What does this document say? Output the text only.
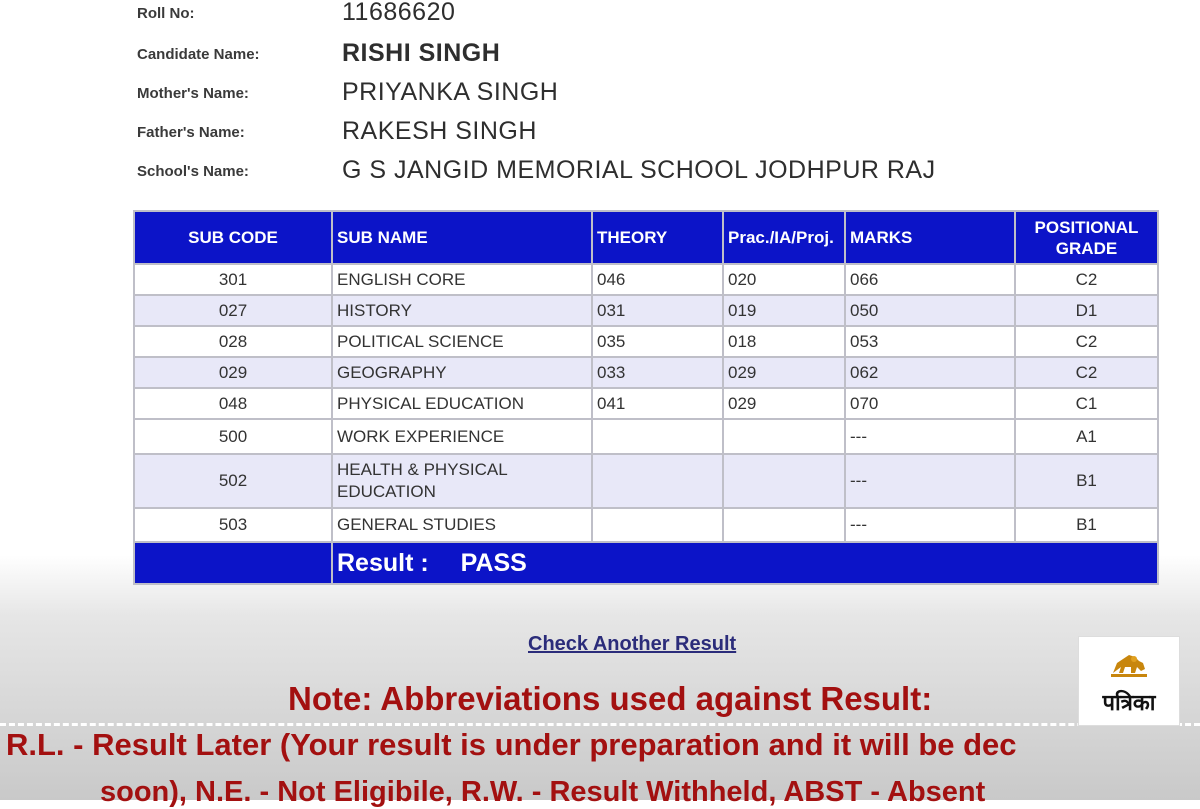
Roll No:	11686620
Candidate Name:	RISHI SINGH
Mother's Name:	PRIYANKA SINGH
Father's Name:	RAKESH SINGH
School's Name:	G S JANGID MEMORIAL SCHOOL JODHPUR RAJ
SUB CODE	SUB NAME	THEORY	Prac./IA/Proj.	MARKS	POSITIONAL GRADE
301	ENGLISH CORE	046	020	066	C2
027	HISTORY	031	019	050	D1
028	POLITICAL SCIENCE	035	018	053	C2
029	GEOGRAPHY	033	029	062	C2
048	PHYSICAL EDUCATION	041	029	070	C1
500	WORK EXPERIENCE			---	A1
502	HEALTH & PHYSICAL EDUCATION			---	B1
503	GENERAL STUDIES			---	B1
	Result : PASS				
Check Another Result
Note: Abbreviations used against Result:
R.L. - Result Later (Your result is under preparation and it will be dec
soon), N.E. - Not Eligibile, R.W. - Result Withheld, ABST - Absent
पत्रिका
